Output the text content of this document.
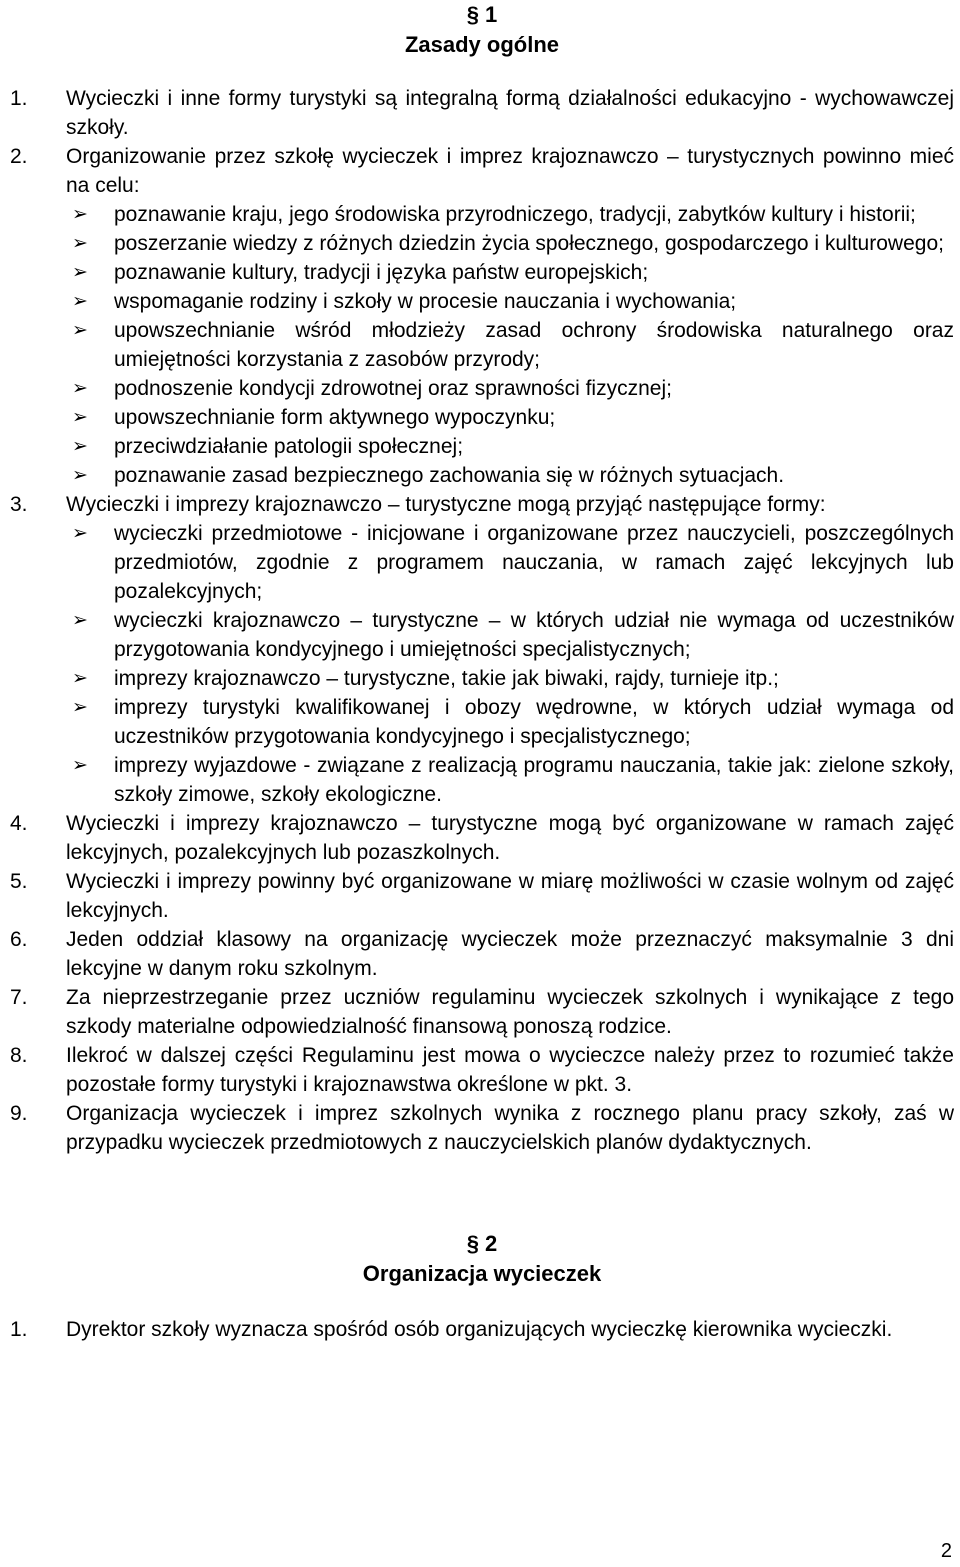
§ 1
Zasady ogólne
1. Wycieczki i inne formy turystyki są integralną formą działalności edukacyjno - wychowawczej szkoły.
2. Organizowanie przez szkołę wycieczek i imprez krajoznawczo – turystycznych powinno mieć na celu:
➢ poznawanie kraju, jego środowiska przyrodniczego, tradycji, zabytków kultury i historii;
➢ poszerzanie wiedzy z różnych dziedzin życia społecznego, gospodarczego i kulturowego;
➢ poznawanie kultury, tradycji i języka państw europejskich;
➢ wspomaganie rodziny i szkoły w procesie nauczania i wychowania;
➢ upowszechnianie wśród młodzieży zasad ochrony środowiska naturalnego oraz umiejętności korzystania z zasobów przyrody;
➢ podnoszenie kondycji zdrowotnej oraz sprawności fizycznej;
➢ upowszechnianie form aktywnego wypoczynku;
➢ przeciwdziałanie patologii społecznej;
➢ poznawanie zasad bezpiecznego zachowania się w różnych sytuacjach.
3. Wycieczki i imprezy krajoznawczo – turystyczne mogą przyjąć następujące formy:
➢ wycieczki przedmiotowe - inicjowane i organizowane przez nauczycieli, poszczególnych przedmiotów, zgodnie z programem nauczania, w ramach zajęć lekcyjnych lub pozalekcyjnych;
➢ wycieczki krajoznawczo – turystyczne – w których udział nie wymaga od uczestników przygotowania kondycyjnego i umiejętności specjalistycznych;
➢ imprezy krajoznawczo – turystyczne, takie jak biwaki, rajdy, turnieje itp.;
➢ imprezy turystyki kwalifikowanej i obozy wędrowne, w których udział wymaga od uczestników przygotowania kondycyjnego i specjalistycznego;
➢ imprezy wyjazdowe - związane z realizacją programu nauczania, takie jak: zielone szkoły, szkoły zimowe, szkoły ekologiczne.
4. Wycieczki i imprezy krajoznawczo – turystyczne mogą być organizowane w ramach zajęć lekcyjnych, pozalekcyjnych lub pozaszkolnych.
5. Wycieczki i imprezy powinny być organizowane w miarę możliwości w czasie wolnym od zajęć lekcyjnych.
6. Jeden oddział klasowy na organizację wycieczek może przeznaczyć maksymalnie 3 dni lekcyjne w danym roku szkolnym.
7. Za nieprzestrzeganie przez uczniów regulaminu wycieczek szkolnych i wynikające z tego szkody materialne odpowiedzialność finansową ponoszą rodzice.
8. Ilekroć w dalszej części Regulaminu jest mowa o wycieczce należy przez to rozumieć także pozostałe formy turystyki i krajoznawstwa określone w pkt. 3.
9. Organizacja wycieczek i imprez szkolnych wynika z rocznego planu pracy szkoły, zaś w przypadku wycieczek przedmiotowych z nauczycielskich planów dydaktycznych.
§ 2
Organizacja wycieczek
1. Dyrektor szkoły wyznacza spośród osób organizujących wycieczkę kierownika wycieczki.
2
